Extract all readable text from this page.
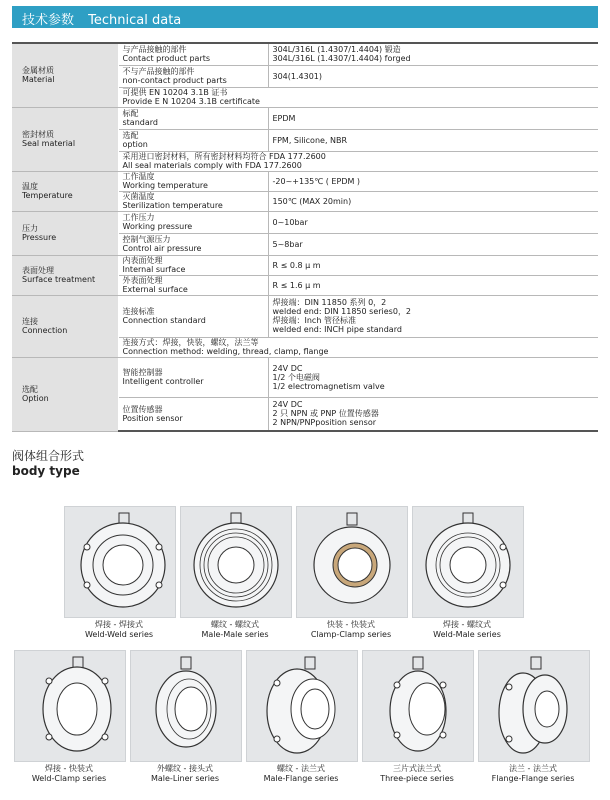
技术参数 Technical data
金属材质
Material	与产品接触的部件
Contact product parts	304L/316L (1.4307/1.4404) 锻造
304L/316L (1.4307/1.4404) forged

	不与产品接触的部件
non-contact product parts	304(1.4301)

	可提供 EN 10204 3.1B 证书
Provide E N 10204 3.1B certificate	

密封材质
Seal material	标配
standard	EPDM

	选配
option	FPM, Silicone, NBR

	采用进口密封材料，所有密封材料均符合 FDA 177.2600
All seal materials comply with FDA 177.2600	

温度
Temperature	工作温度
Working temperature	-20~+135℃ ( EPDM )

	灭菌温度
Sterilization temperature	150℃ (MAX 20min)

压力
Pressure	工作压力
Working pressure	0~10bar

	控制气源压力
Control air pressure	5~8bar

表面处理
Surface treatment	内表面处理
Internal surface	R ≤ 0.8 μ m

	外表面处理
External surface	R ≤ 1.6 μ m

连接
Connection	连接标准
Connection standard	焊接端：DIN 11850 系列 0，2
welded end: DIN 11850 series0，2
焊接端：Inch 管径标准
welded end: INCH pipe standard

	连接方式：焊接，快装，螺纹，法兰等
Connection method: welding, thread, clamp, flange	

选配
Option	智能控制器
Intelligent controller	24V DC
1/2 个电磁阀
1/2 electromagnetism valve

	位置传感器
Position sensor	24V DC
2 只 NPN 或 PNP 位置传感器
2 NPN/PNPposition sensor
阀体组合形式
body type
焊接 - 焊接式
Weld-Weld series
螺纹 - 螺纹式
Male-Male series
快装 - 快装式
Clamp-Clamp series
焊接 - 螺纹式
Weld-Male series
焊接 - 快装式
Weld-Clamp series
外螺纹 - 接头式
Male-Liner series
螺纹 - 法兰式
Male-Flange series
三片式法兰式
Three-piece series
法兰 - 法兰式
Flange-Flange series
